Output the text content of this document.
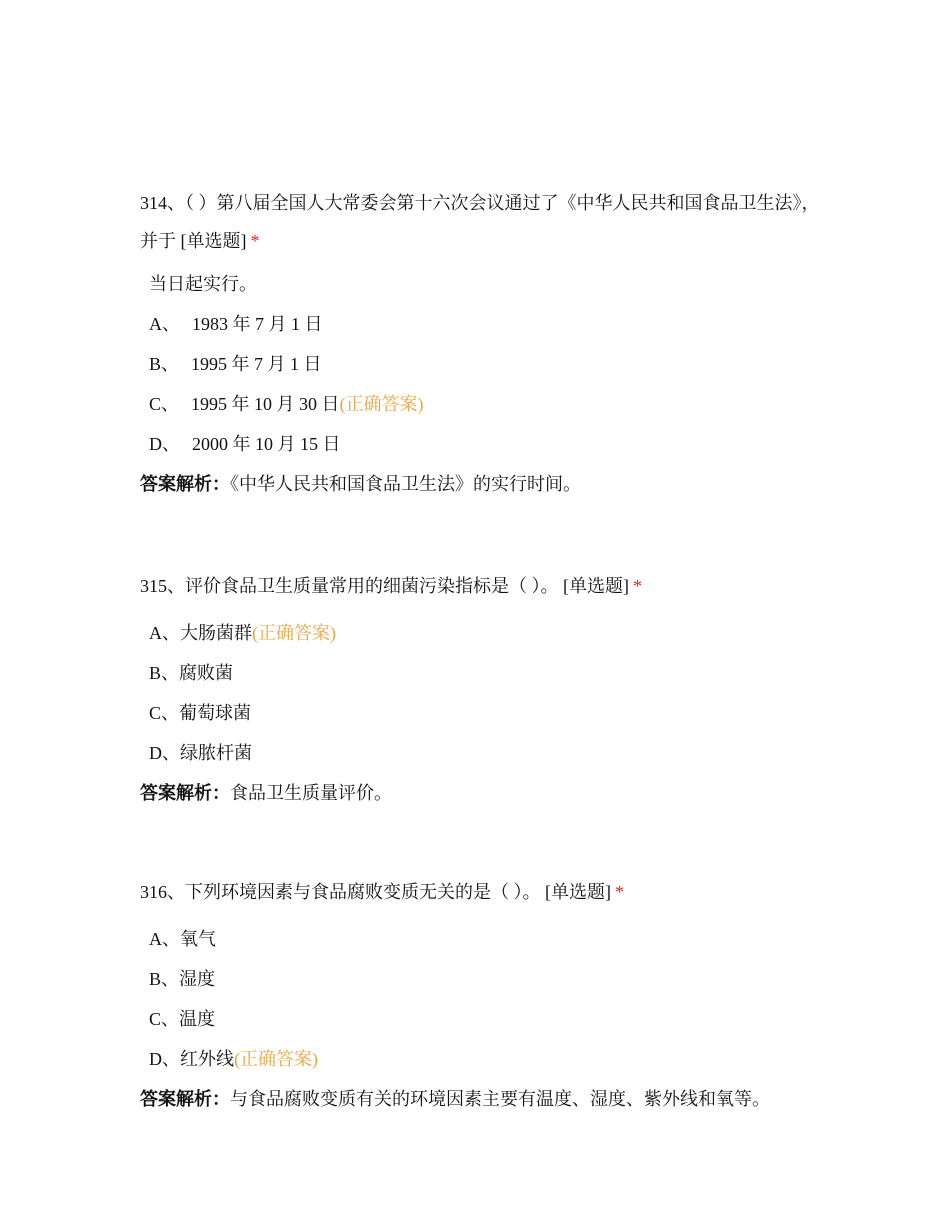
314、（ ）第八届全国人大常委会第十六次会议通过了《中华人民共和国食品卫生法》，并于 [单选题] *

当日起实行。
A、 1983 年 7 月 1 日
B、 1995 年 7 月 1 日
C、 1995 年 10 月 30 日(正确答案)
D、 2000 年 10 月 15 日

答案解析：《中华人民共和国食品卫生法》的实行时间。

315、评价食品卫生质量常用的细菌污染指标是（ ）。 [单选题] *

A、大肠菌群(正确答案)
B、腐败菌
C、葡萄球菌
D、绿脓杆菌

答案解析：食品卫生质量评价。

316、下列环境因素与食品腐败变质无关的是（ ）。 [单选题] *

A、氧气
B、湿度
C、温度
D、红外线(正确答案)

答案解析：与食品腐败变质有关的环境因素主要有温度、湿度、紫外线和氧等。
